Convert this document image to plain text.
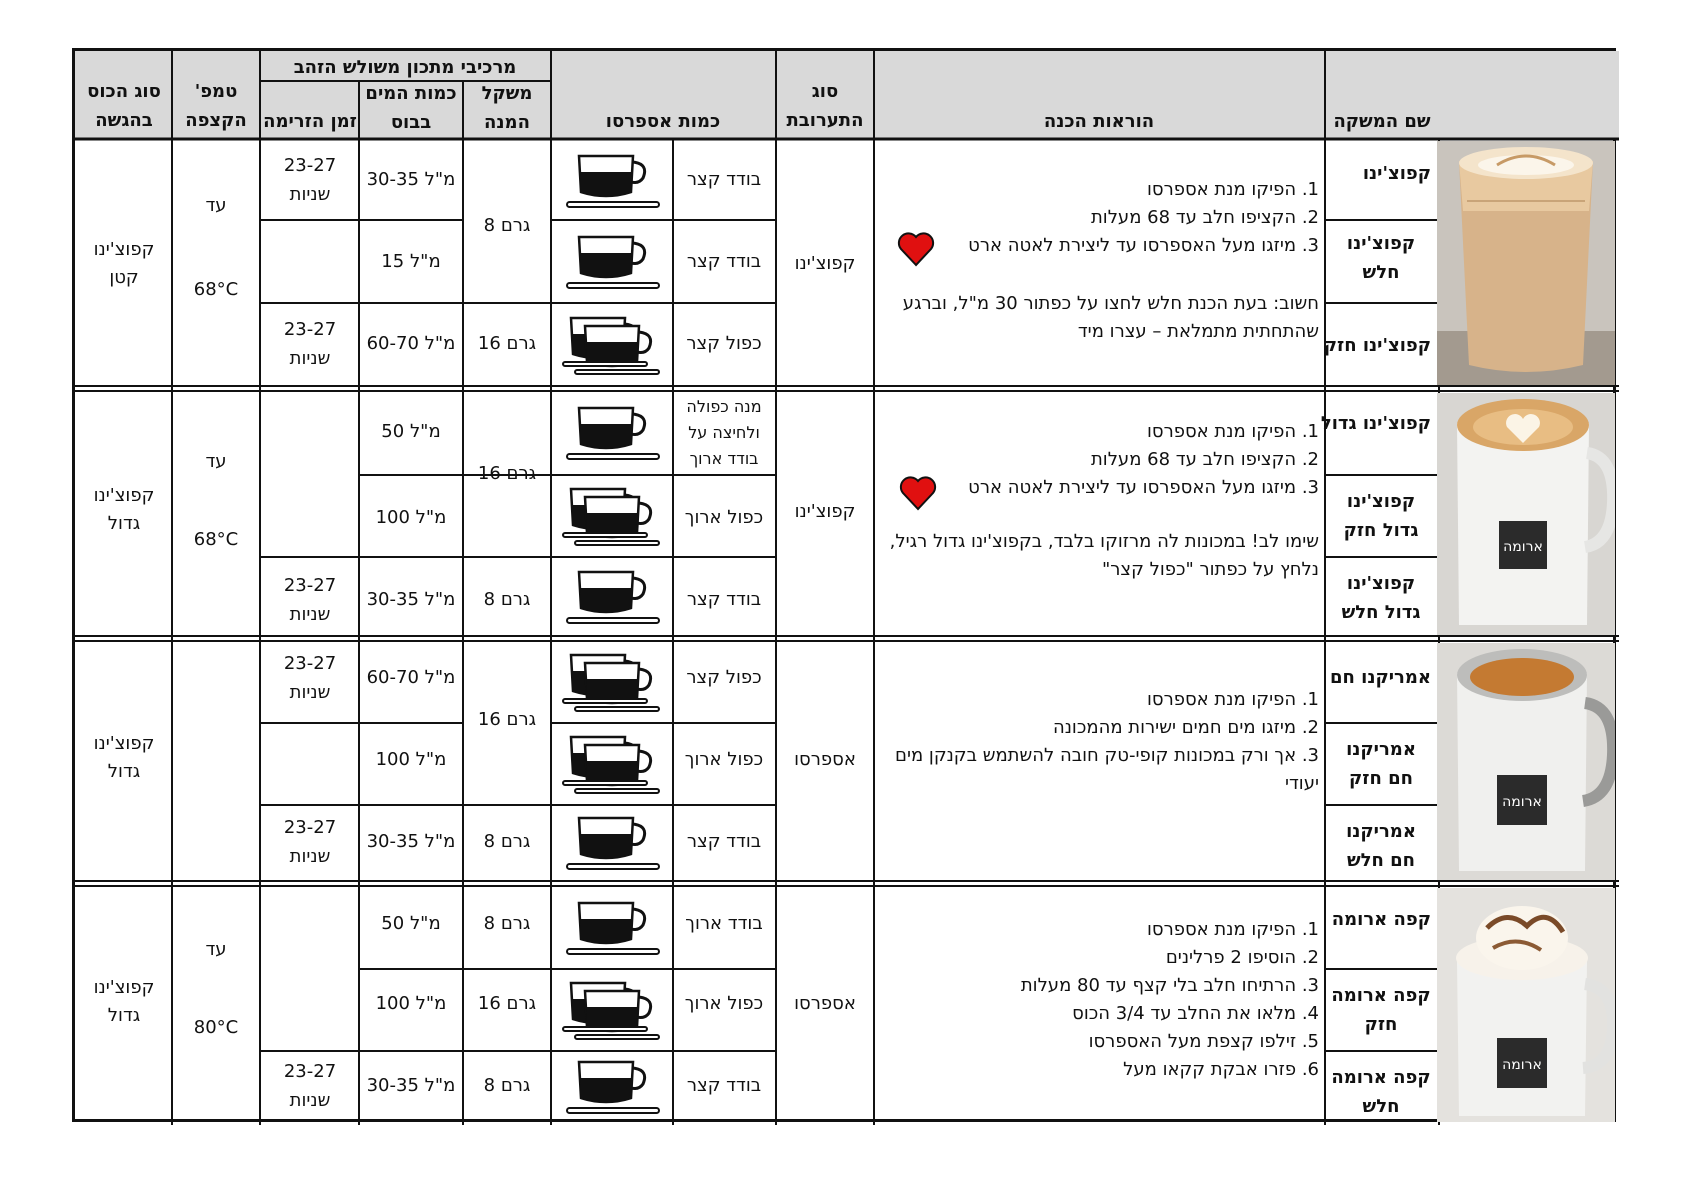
שם המשקה
הוראות הכנה
סוג התערובת
כמות אספרסו
מרכיבי מתכון משולש הזהב
משקל המנה
כמות המים בבוס
זמן הזרימה
טמפ' הקצפה
סוג הכוס בהגשה
קפוצ'ינו
קפוצ'ינו חלש
קפוצ'ינו חזק
1. הפיקו מנת אספרסו
2. הקציפו חלב עד 68 מעלות
3. מיזגו מעל האספרסו עד ליצירת לאטה ארט
חשוב: בעת הכנת חלש לחצו על כפתור 30 מ"ל, וברגע
שהתחתית מתמלאת – עצרו מיד
קפוצ'ינו
בודד קצר
בודד קצר
כפול קצר
8 גרם
16 גרם
30-35 מ"ל
15 מ"ל
60-70 מ"ל
23-27 שניות
23-27 שניות
עד
68°C
קפוצ'ינו
קטן
ארומה
קפוצ'ינו גדול
קפוצ'ינו גדול חזק
קפוצ'ינו גדול חלש
1. הפיקו מנת אספרסו
2. הקציפו חלב עד 68 מעלות
3. מיזגו מעל האספרסו עד ליצירת לאטה ארט
שימו לב! במכונות לה מרזוקו בלבד, בקפוצ'ינו גדול רגיל,
נלחץ על כפתור "כפול קצר"
קפוצ'ינו
מנה כפולה ולחיצה על בודד ארוך
כפול ארוך
בודד קצר
16 גרם
8 גרם
50 מ"ל
100 מ"ל
30-35 מ"ל
23-27 שניות
עד
68°C
קפוצ'ינו
גדול
ארומה
אמריקנו חם
אמריקנו חם חזק
אמריקנו חם חלש
1. הפיקו מנת אספרסו
2. מיזגו מים חמים ישירות מהמכונה
3. אך ורק במכונות קופי-טק חובה להשתמש בקנקן מים
יעודי
אספרסו
כפול קצר
כפול ארוך
בודד קצר
16 גרם
8 גרם
60-70 מ"ל
100 מ"ל
30-35 מ"ל
23-27 שניות
23-27 שניות
קפוצ'ינו
גדול
ארומה
קפה ארומה
קפה ארומה חזק
קפה ארומה חלש
1. הפיקו מנת אספרסו
2. הוסיפו 2 פרלינים
3. הרתיחו חלב בלי קצף עד 80 מעלות
4. מלאו את החלב עד 3/4 הכוס
5. זילפו קצפת מעל האספרסו
6. פזרו אבקת קקאו מעל
אספרסו
בודד ארוך
כפול ארוך
בודד קצר
8 גרם
16 גרם
8 גרם
50 מ"ל
100 מ"ל
30-35 מ"ל
23-27 שניות
עד
80°C
קפוצ'ינו
גדול
